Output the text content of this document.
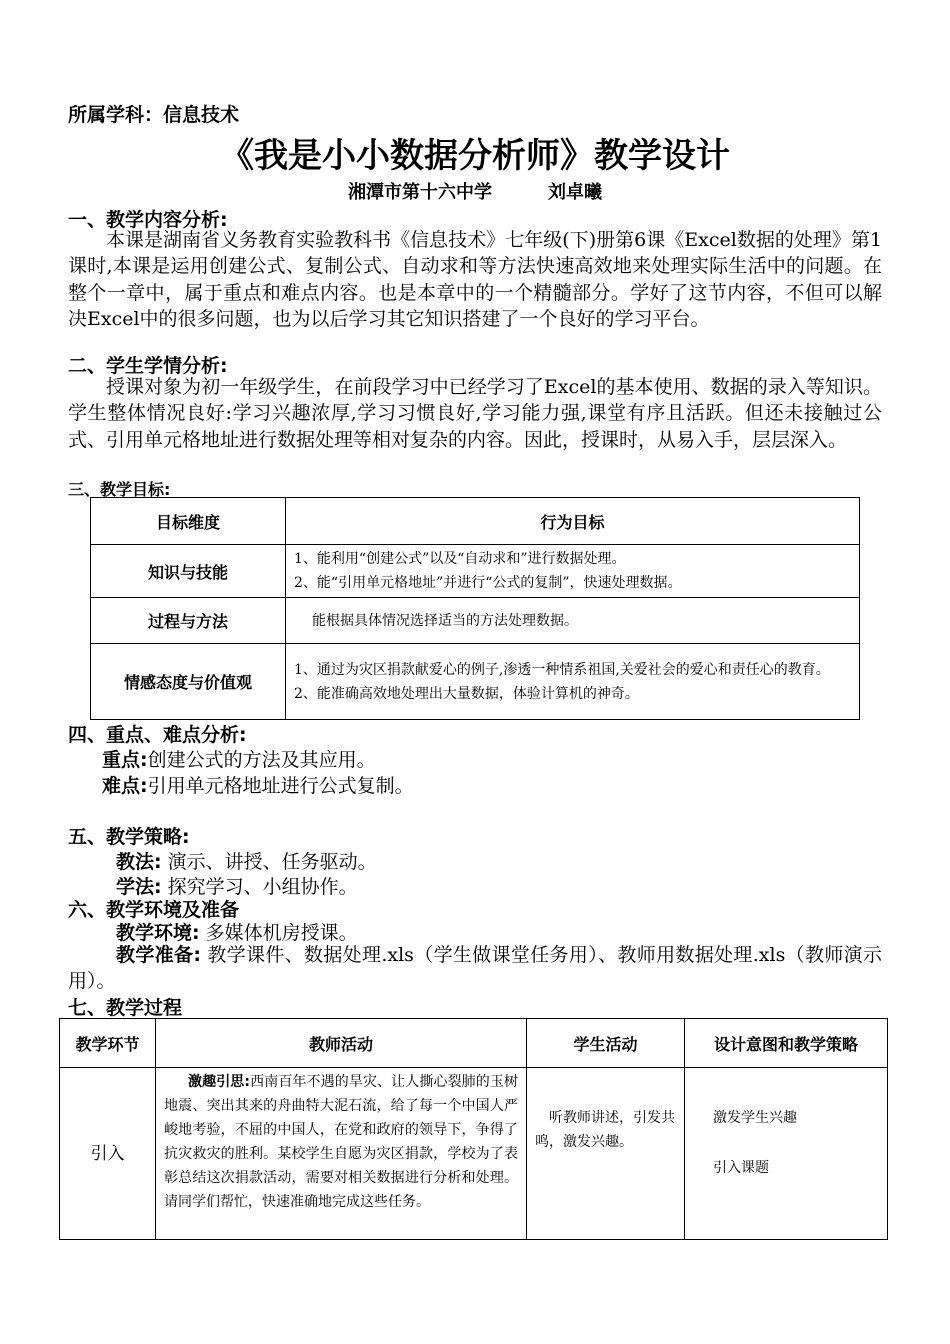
所属学科：信息技术
《我是小小数据分析师》教学设计
湘潭市第十六中学	刘卓曦
一、教学内容分析:
本课是湖南省义务教育实验教科书《信息技术》七年级(下)册第6课《Excel数据的处理》第1课时,本课是运用创建公式、复制公式、自动求和等方法快速高效地来处理实际生活中的问题。在整个一章中，属于重点和难点内容。也是本章中的一个精髓部分。学好了这节内容，不但可以解决Excel中的很多问题，也为以后学习其它知识搭建了一个良好的学习平台。
二、学生学情分析:
授课对象为初一年级学生，在前段学习中已经学习了Excel的基本使用、数据的录入等知识。学生整体情况良好:学习兴趣浓厚,学习习惯良好,学习能力强,课堂有序且活跃。但还未接触过公式、引用单元格地址进行数据处理等相对复杂的内容。因此，授课时，从易入手，层层深入。
三、教学目标:
目标维度	行为目标
知识与技能	1、能利用“创建公式”以及“自动求和”进行数据处理。
2、能“引用单元格地址”并进行“公式的复制”，快速处理数据。

过程与方法	能根据具体情况选择适当的方法处理数据。

情感态度与价值观	1、通过为灾区捐款献爱心的例子,渗透一种情系祖国,关爱社会的爱心和责任心的教育。
2、能准确高效地处理出大量数据，体验计算机的神奇。
四、重点、难点分析:
重点:创建公式的方法及其应用。
难点:引用单元格地址进行公式复制。
五、教学策略:
教法: 演示、讲授、任务驱动。
学法: 探究学习、小组协作。
六、教学环境及准备
教学环境: 多媒体机房授课。
教学准备: 教学课件、数据处理.xls（学生做课堂任务用）、教师用数据处理.xls（教师演示用）。
七、教学过程
教学环节	教师活动	学生活动	设计意图和教学策略
引入	激趣引思:西南百年不遇的旱灾、让人撕心裂肺的玉树地震、突出其来的舟曲特大泥石流，给了每一个中国人严峻地考验，不屈的中国人，在党和政府的领导下，争得了抗灾救灾的胜利。某校学生自愿为灾区捐款，学校为了表彰总结这次捐款活动，需要对相关数据进行分析和处理。请同学们帮忙，快速准确地完成这些任务。	听教师讲述，引发共鸣，激发兴趣。	激发学生兴趣
引入课题
